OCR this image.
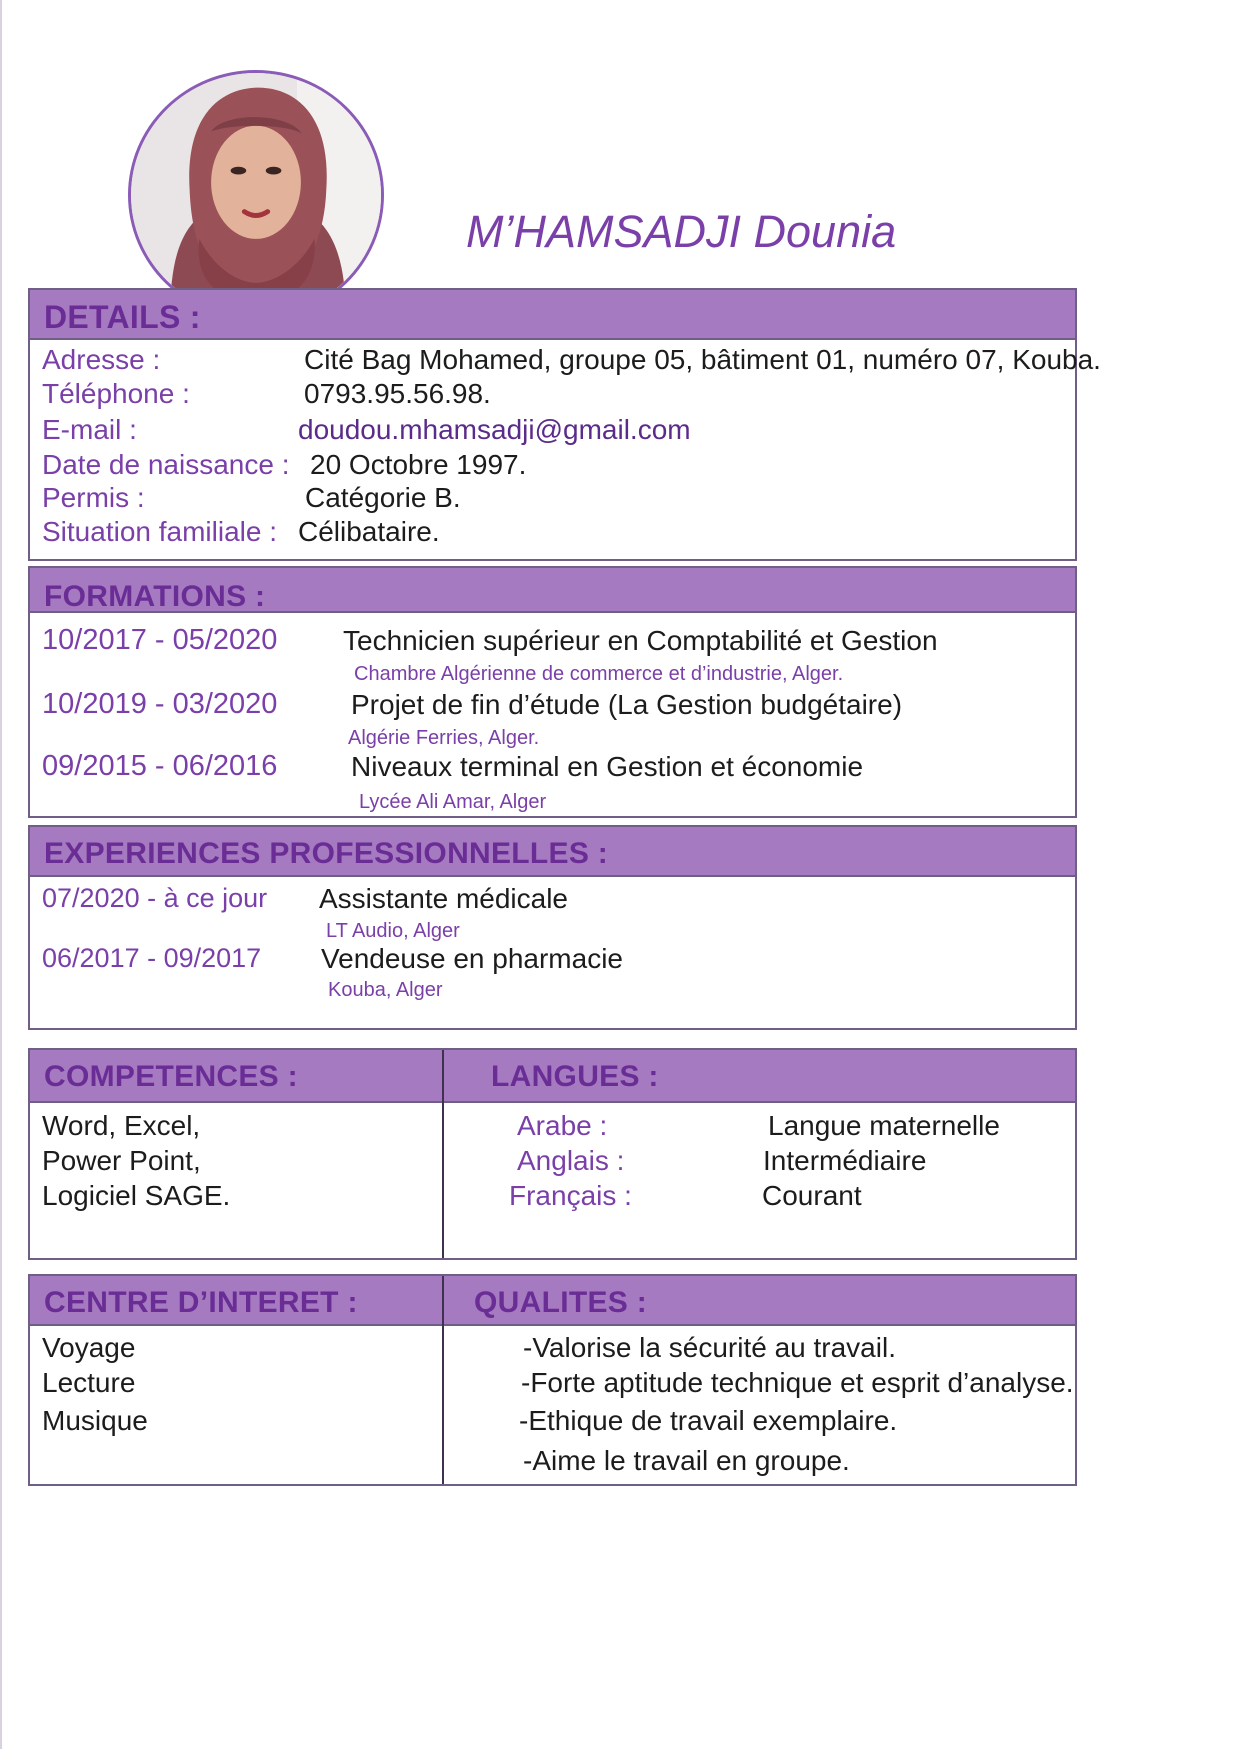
M’HAMSADJI Dounia
DETAILS :
Adresse :	Cité Bag Mohamed, groupe 05, bâtiment 01, numéro 07, Kouba.
Téléphone :	0793.95.56.98.
E-mail :	doudou.mhamsadji@gmail.com
Date de naissance : 20 Octobre 1997.
Permis :	Catégorie B.
Situation familiale : Célibataire.
FORMATIONS :
10/2017 - 05/2020 Technicien supérieur en Comptabilité et Gestion
Chambre Algérienne de commerce et d’industrie, Alger.
10/2019 - 03/2020	Projet de fin d’étude (La Gestion budgétaire)
Algérie Ferries, Alger.
09/2015 - 06/2016	Niveaux terminal en Gestion et économie
Lycée Ali Amar, Alger
EXPERIENCES PROFESSIONNELLES :
07/2020 - à ce jour Assistante médicale
LT Audio, Alger
06/2017 - 09/2017 Vendeuse en pharmacie
Kouba, Alger
COMPETENCES :	LANGUES :
Word, Excel,
Power Point,
Logiciel SAGE.
Arabe :	Langue maternelle
Anglais :	Intermédiaire
Français :	Courant
CENTRE D’INTERET :	QUALITES :
Voyage
Lecture
Musique
-Valorise la sécurité au travail.
-Forte aptitude technique et esprit d’analyse.
-Ethique de travail exemplaire.
-Aime le travail en groupe.
